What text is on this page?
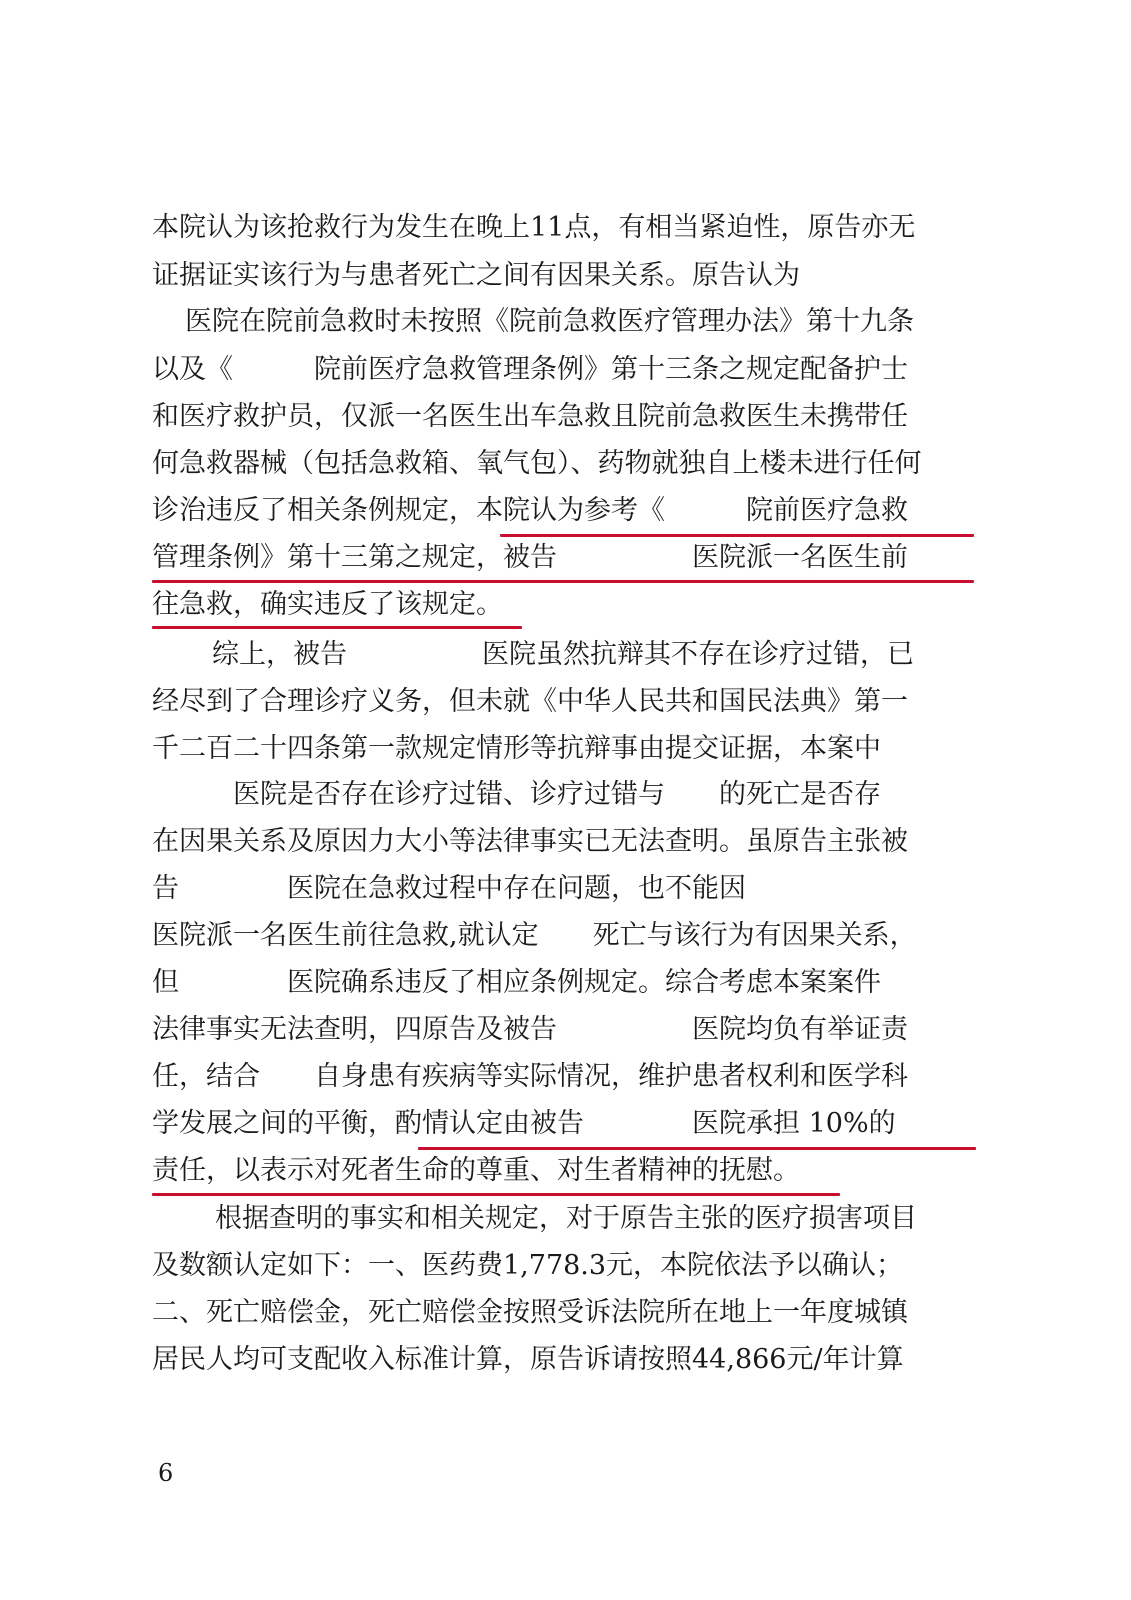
本院认为该抢救行为发生在晚上11点，有相当紧迫性，原告亦无
证据证实该行为与患者死亡之间有因果关系。原告认为
医院在院前急救时未按照《院前急救医疗管理办法》第十九条
以及《　　　院前医疗急救管理条例》第十三条之规定配备护士
和医疗救护员，仅派一名医生出车急救且院前急救医生未携带任
何急救器械（包括急救箱、氧气包）、药物就独自上楼未进行任何
诊治违反了相关条例规定，本院认为参考《　　　院前医疗急救
管理条例》第十三第之规定，被告　　　　　医院派一名医生前
往急救，确实违反了该规定。
综上，被告　　　　　医院虽然抗辩其不存在诊疗过错，已
经尽到了合理诊疗义务，但未就《中华人民共和国民法典》第一
千二百二十四条第一款规定情形等抗辩事由提交证据，本案中
　　　医院是否存在诊疗过错、诊疗过错与　　的死亡是否存
在因果关系及原因力大小等法律事实已无法查明。虽原告主张被
告　　　　医院在急救过程中存在问题，也不能因
医院派一名医生前往急救,就认定　　死亡与该行为有因果关系，
但　　　　医院确系违反了相应条例规定。综合考虑本案案件
法律事实无法查明，四原告及被告　　　　　医院均负有举证责
任，结合　　自身患有疾病等实际情况，维护患者权利和医学科
学发展之间的平衡，酌情认定由被告　　　　医院承担 10%的
责任，以表示对死者生命的尊重、对生者精神的抚慰。
根据查明的事实和相关规定，对于原告主张的医疗损害项目
及数额认定如下：一、医药费1,778.3元，本院依法予以确认；
二、死亡赔偿金，死亡赔偿金按照受诉法院所在地上一年度城镇
居民人均可支配收入标准计算，原告诉请按照44,866元/年计算
6
